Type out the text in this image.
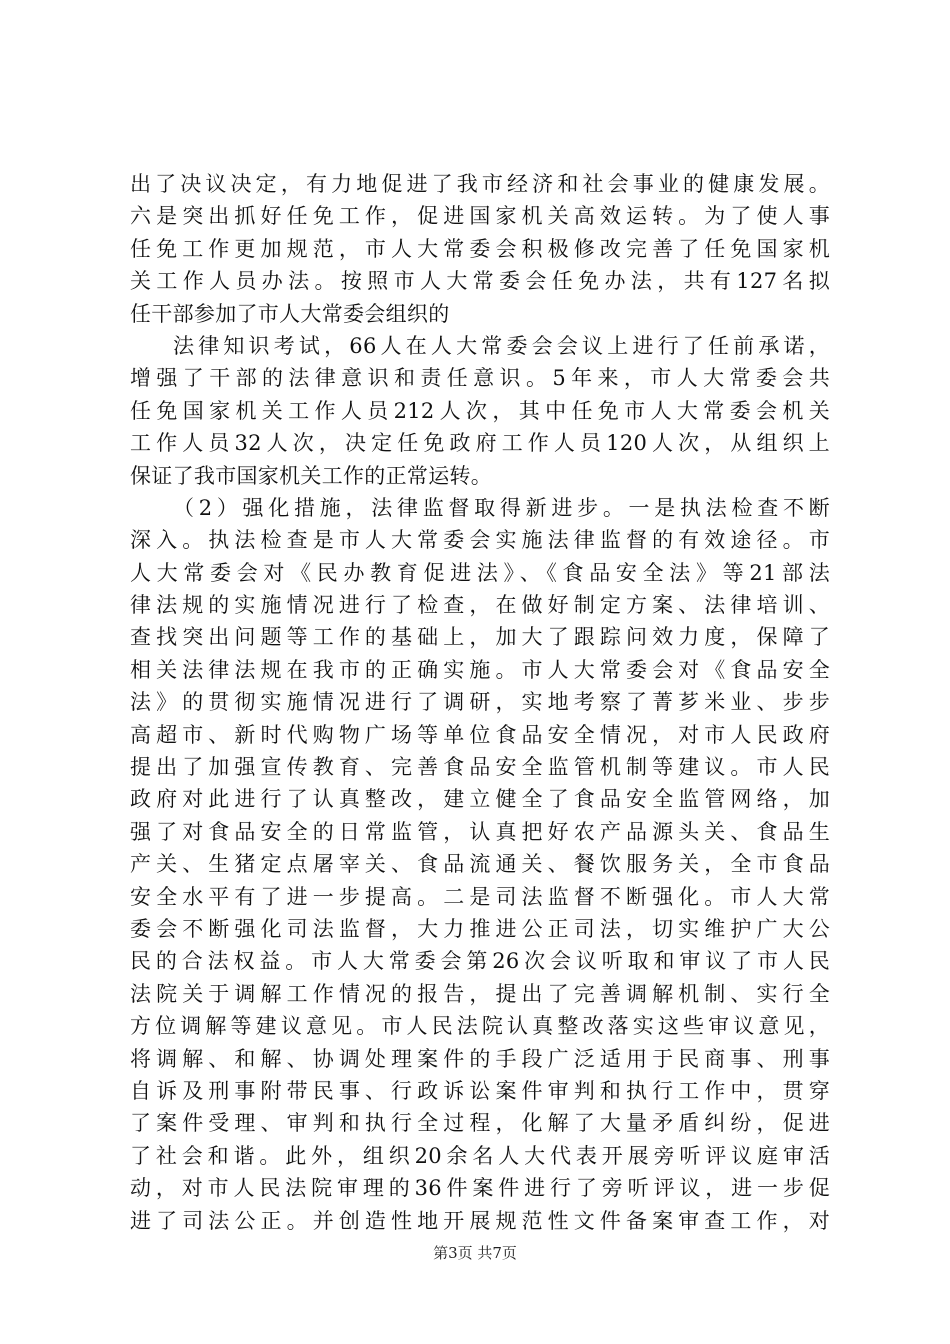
出了决议决定，有力地促进了我市经济和社会事业的健康发展。
六是突出抓好任免工作，促进国家机关高效运转。为了使人事
任免工作更加规范，市人大常委会积极修改完善了任免国家机
关工作人员办法。按照市人大常委会任免办法，共有127名拟
任干部参加了市人大常委会组织的
法律知识考试，66人在人大常委会会议上进行了任前承诺，
增强了干部的法律意识和责任意识。5年来，市人大常委会共
任免国家机关工作人员212人次，其中任免市人大常委会机关
工作人员32人次，决定任免政府工作人员120人次，从组织上
保证了我市国家机关工作的正常运转。
（2）强化措施，法律监督取得新进步。一是执法检查不断
深入。执法检查是市人大常委会实施法律监督的有效途径。市
人大常委会对《民办教育促进法》、《食品安全法》等21部法
律法规的实施情况进行了检查，在做好制定方案、法律培训、
查找突出问题等工作的基础上，加大了跟踪问效力度，保障了
相关法律法规在我市的正确实施。市人大常委会对《食品安全
法》的贯彻实施情况进行了调研，实地考察了菁芗米业、步步
高超市、新时代购物广场等单位食品安全情况，对市人民政府
提出了加强宣传教育、完善食品安全监管机制等建议。市人民
政府对此进行了认真整改，建立健全了食品安全监管网络，加
强了对食品安全的日常监管，认真把好农产品源头关、食品生
产关、生猪定点屠宰关、食品流通关、餐饮服务关，全市食品
安全水平有了进一步提高。二是司法监督不断强化。市人大常
委会不断强化司法监督，大力推进公正司法，切实维护广大公
民的合法权益。市人大常委会第26次会议听取和审议了市人民
法院关于调解工作情况的报告，提出了完善调解机制、实行全
方位调解等建议意见。市人民法院认真整改落实这些审议意见，
将调解、和解、协调处理案件的手段广泛适用于民商事、刑事
自诉及刑事附带民事、行政诉讼案件审判和执行工作中，贯穿
了案件受理、审判和执行全过程，化解了大量矛盾纠纷，促进
了社会和谐。此外，组织20余名人大代表开展旁听评议庭审活
动，对市人民法院审理的36件案件进行了旁听评议，进一步促
进了司法公正。并创造性地开展规范性文件备案审查工作，对
第3页 共7页
